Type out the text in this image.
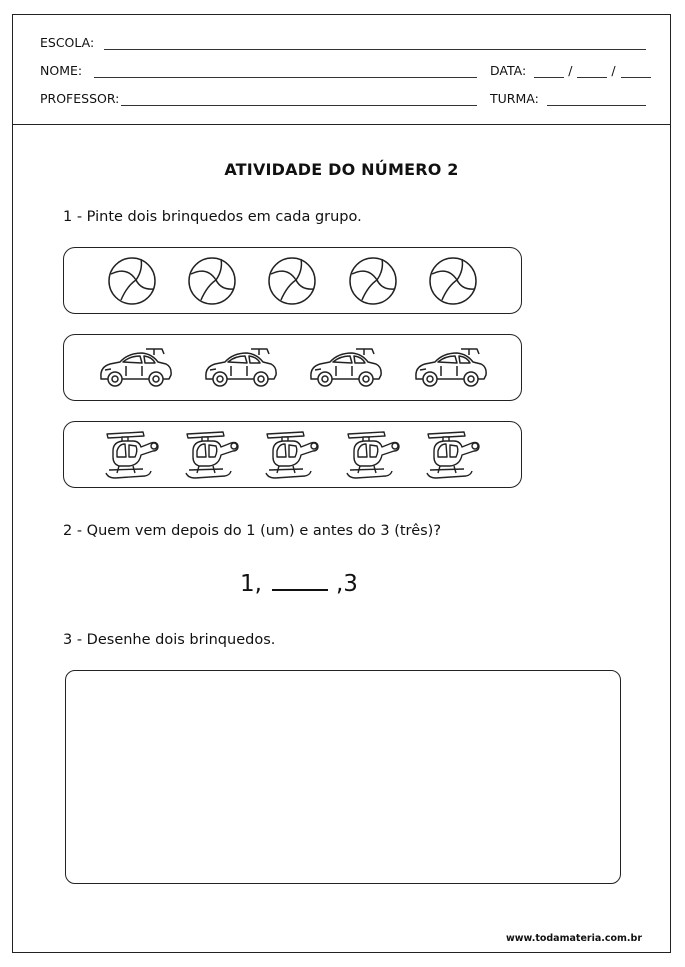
ESCOLA:
NOME:	DATA:	/	/
PROFESSOR:	TURMA:
ATIVIDADE DO NÚMERO 2
1 - Pinte dois brinquedos em cada grupo.
2 - Quem vem depois do 1 (um) e antes do 3 (três)?
1,	,3
3 - Desenhe dois brinquedos.
www.todamateria.com.br
